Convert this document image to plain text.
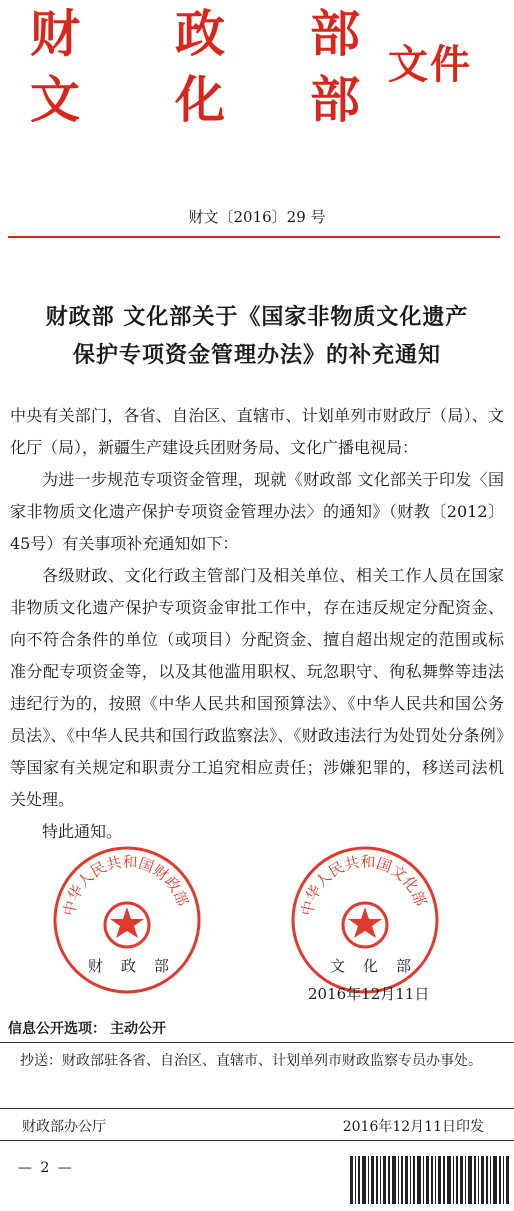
财 政 部
文 化 部
文件
财文〔2016〕29 号
财政部 文化部关于《国家非物质文化遗产
保护专项资金管理办法》的补充通知

中央有关部门，各省、自治区、直辖市、计划单列市财政厅（局）、文化厅（局），新疆生产建设兵团财务局、文化广播电视局：

为进一步规范专项资金管理，现就《财政部 文化部关于印发〈国家非物质文化遗产保护专项资金管理办法〉的通知》（财教〔2012〕45号）有关事项补充通知如下：

各级财政、文化行政主管部门及相关单位、相关工作人员在国家非物质文化遗产保护专项资金审批工作中，存在违反规定分配资金、向不符合条件的单位（或项目）分配资金、擅自超出规定的范围或标准分配专项资金等，以及其他滥用职权、玩忽职守、徇私舞弊等违法违纪行为的，按照《中华人民共和国预算法》、《中华人民共和国公务员法》、《中华人民共和国行政监察法》、《财政违法行为处罚处分条例》等国家有关规定和职责分工追究相应责任；涉嫌犯罪的，移送司法机关处理。

特此通知。

中华人民共和国财政部
财政部
中华人民共和国文化部
文化部
2016年12月11日
信息公开选项： 主动公开
抄送：财政部驻各省、自治区、直辖市、计划单列市财政监察专员办事处。
财政部办公厅	2016年12月11日印发
— 2 —
